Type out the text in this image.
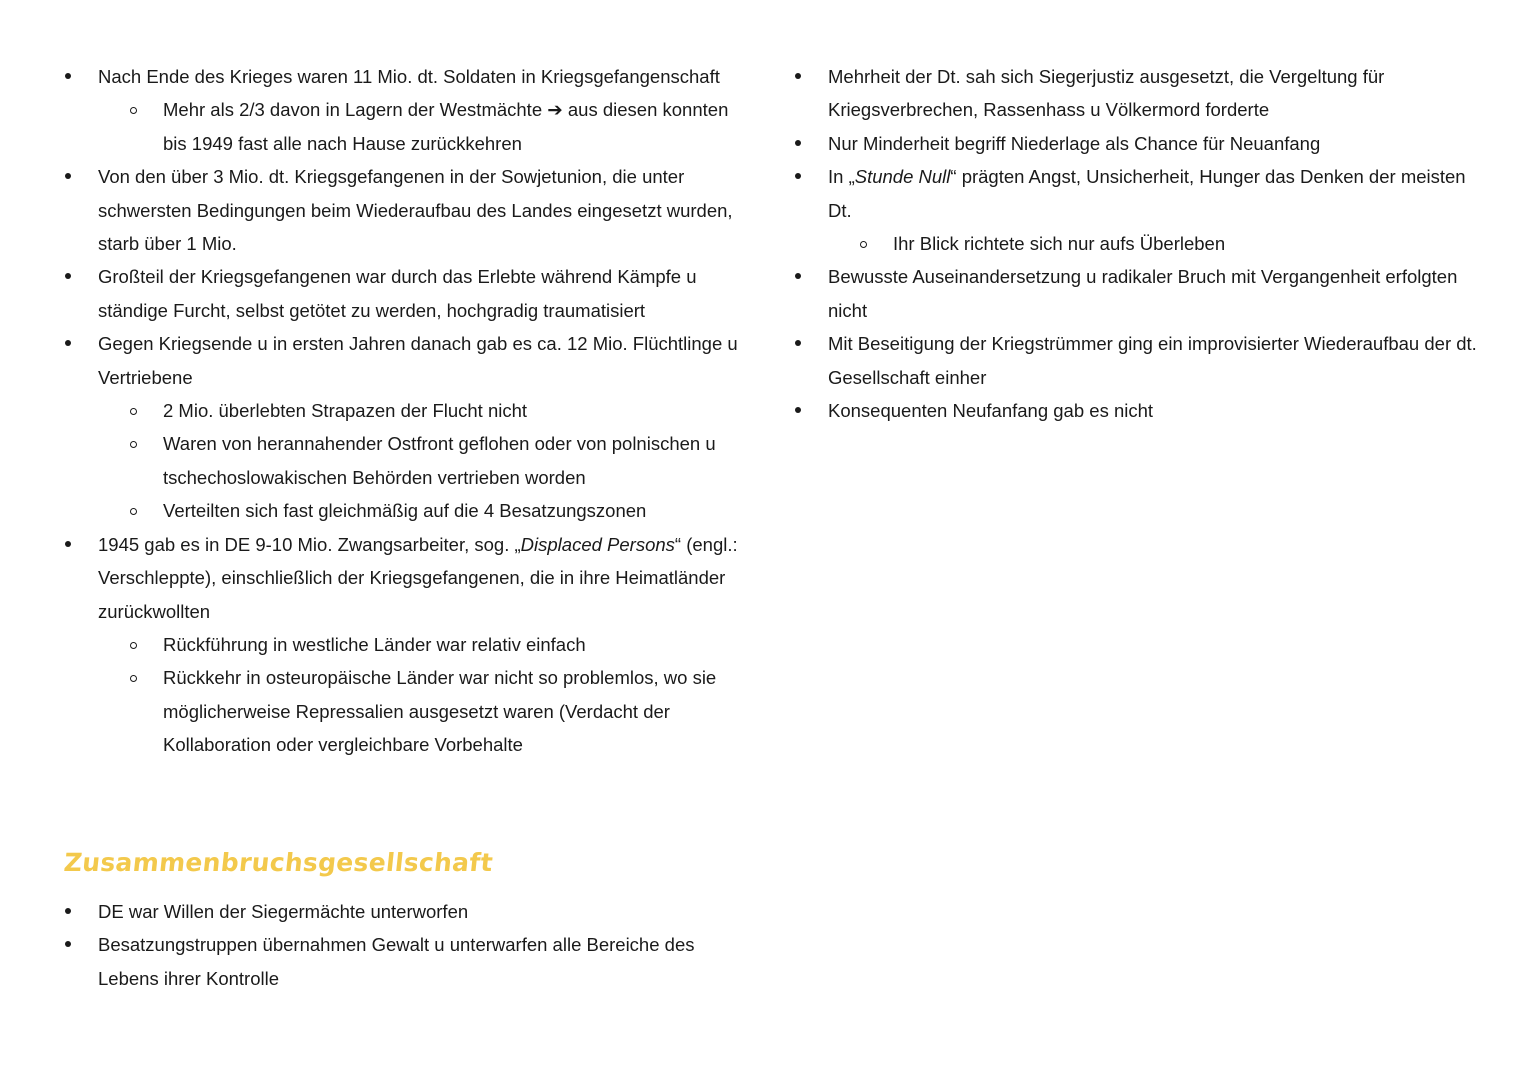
Nach Ende des Krieges waren 11 Mio. dt. Soldaten in Kriegsgefangenschaft
Mehr als 2/3 davon in Lagern der Westmächte ➔ aus diesen konnten bis 1949 fast alle nach Hause zurückkehren
Von den über 3 Mio. dt. Kriegsgefangenen in der Sowjetunion, die unter schwersten Bedingungen beim Wiederaufbau des Landes eingesetzt wurden, starb über 1 Mio.
Großteil der Kriegsgefangenen war durch das Erlebte während Kämpfe u ständige Furcht, selbst getötet zu werden, hochgradig traumatisiert
Gegen Kriegsende u in ersten Jahren danach gab es ca. 12 Mio. Flüchtlinge u Vertriebene
2 Mio. überlebten Strapazen der Flucht nicht
Waren von herannahender Ostfront geflohen oder von polnischen u tschechoslowakischen Behörden vertrieben worden
Verteilten sich fast gleichmäßig auf die 4 Besatzungszonen
1945 gab es in DE 9-10 Mio. Zwangsarbeiter, sog. „Displaced Persons“ (engl.: Verschleppte), einschließlich der Kriegsgefangenen, die in ihre Heimatländer zurückwollten
Rückführung in westliche Länder war relativ einfach
Rückkehr in osteuropäische Länder war nicht so problemlos, wo sie möglicherweise Repressalien ausgesetzt waren (Verdacht der Kollaboration oder vergleichbare Vorbehalte
Zusammenbruchsgesellschaft
DE war Willen der Siegermächte unterworfen
Besatzungstruppen übernahmen Gewalt u unterwarfen alle Bereiche des Lebens ihrer Kontrolle
Mehrheit der Dt. sah sich Siegerjustiz ausgesetzt, die Vergeltung für Kriegsverbrechen, Rassenhass u Völkermord forderte
Nur Minderheit begriff Niederlage als Chance für Neuanfang
In „Stunde Null“ prägten Angst, Unsicherheit, Hunger das Denken der meisten Dt.
Ihr Blick richtete sich nur aufs Überleben
Bewusste Auseinandersetzung u radikaler Bruch mit Vergangenheit erfolgten nicht
Mit Beseitigung der Kriegstrümmer ging ein improvisierter Wiederaufbau der dt. Gesellschaft einher
Konsequenten Neufanfang gab es nicht
